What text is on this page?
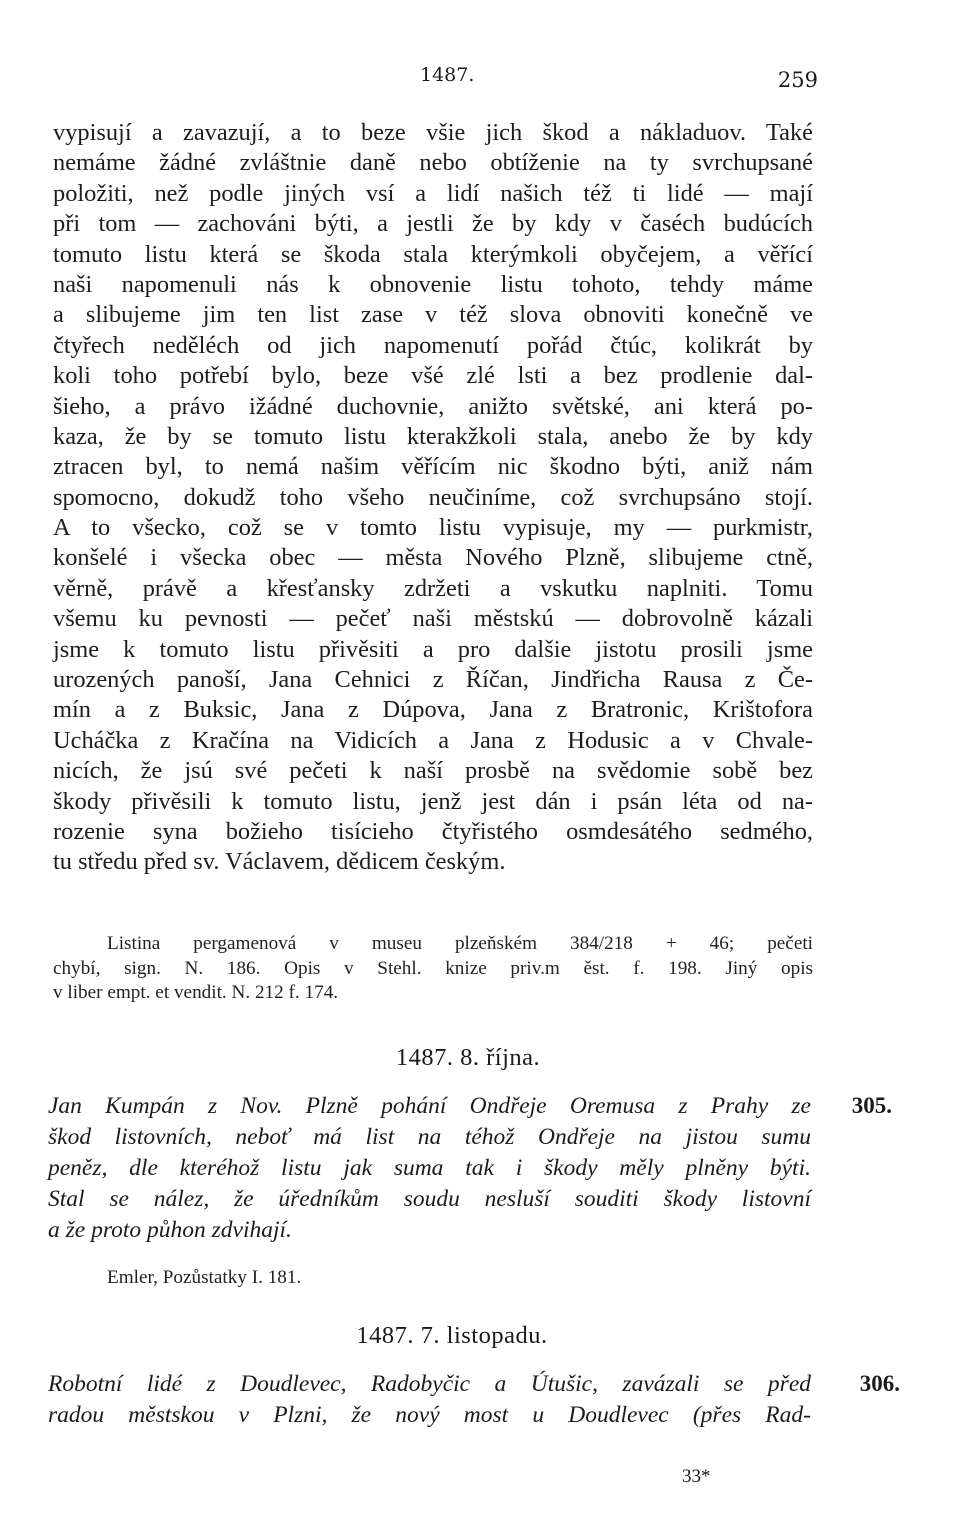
1487.	259
vypisují a zavazují, a to beze všie jich škod a nákladuov. Také
nemáme žádné zvláštnie daně nebo obtíženie na ty svrchupsané
položiti, než podle jiných vsí a lidí našich též ti lidé — mají
při tom — zachováni býti, a jestli že by kdy v časéch budúcích
tomuto listu která se škoda stala kterýmkoli obyčejem, a věřící
naši napomenuli nás k obnovenie listu tohoto, tehdy máme
a slibujeme jim ten list zase v též slova obnoviti konečně ve
čtyřech neděléch od jich napomenutí pořád čtúc, kolikrát by
koli toho potřebí bylo, beze všé zlé lsti a bez prodlenie dal-
šieho, a právo ižádné duchovnie, anižto světské, ani která po-
kaza, že by se tomuto listu kterakžkoli stala, anebo že by kdy
ztracen byl, to nemá našim věřícím nic škodno býti, aniž nám
spomocno, dokudž toho všeho neučiníme, což svrchupsáno stojí.
A to všecko, což se v tomto listu vypisuje, my — purkmistr,
konšelé i všecka obec — města Nového Plzně, slibujeme ctně,
věrně, právě a křesťansky zdržeti a vskutku naplniti. Tomu
všemu ku pevnosti — pečeť naši městskú — dobrovolně kázali
jsme k tomuto listu přivěsiti a pro dalšie jistotu prosili jsme
urozených panoší, Jana Cehnici z Říčan, Jindřicha Rausa z Če-
mín a z Buksic, Jana z Dúpova, Jana z Bratronic, Krištofora
Ucháčka z Kračína na Vidicích a Jana z Hodusic a v Chvale-
nicích, že jsú své pečeti k naší prosbě na svědomie sobě bez
škody přivěsili k tomuto listu, jenž jest dán i psán léta od na-
rozenie syna božieho tisícieho čtyřistého osmdesátého sedmého,
tu středu před sv. Václavem, dědicem českým.
Listina pergamenová v museu plzeňském 384/218 + 46; pečeti
chybí, sign. N. 186. Opis v Stehl. knize priv.m ěst. f. 198. Jiný opis
v liber empt. et vendit. N. 212 f. 174.
1487. 8. října.
Jan Kumpán z Nov. Plzně pohání Ondřeje Oremusa z Prahy ze
škod listovních, neboť má list na téhož Ondřeje na jistou sumu
peněz, dle kteréhož listu jak suma tak i škody měly plněny býti.
Stal se nález, že úředníkům soudu nesluší souditi škody listovní
a že proto půhon zdvihají.
305.
Emler, Pozůstatky I. 181.
1487. 7. listopadu.
Robotní lidé z Doudlevec, Radobyčic a Útušic, zavázali se před
radou městskou v Plzni, že nový most u Doudlevec (přes Rad-
306.
33*
